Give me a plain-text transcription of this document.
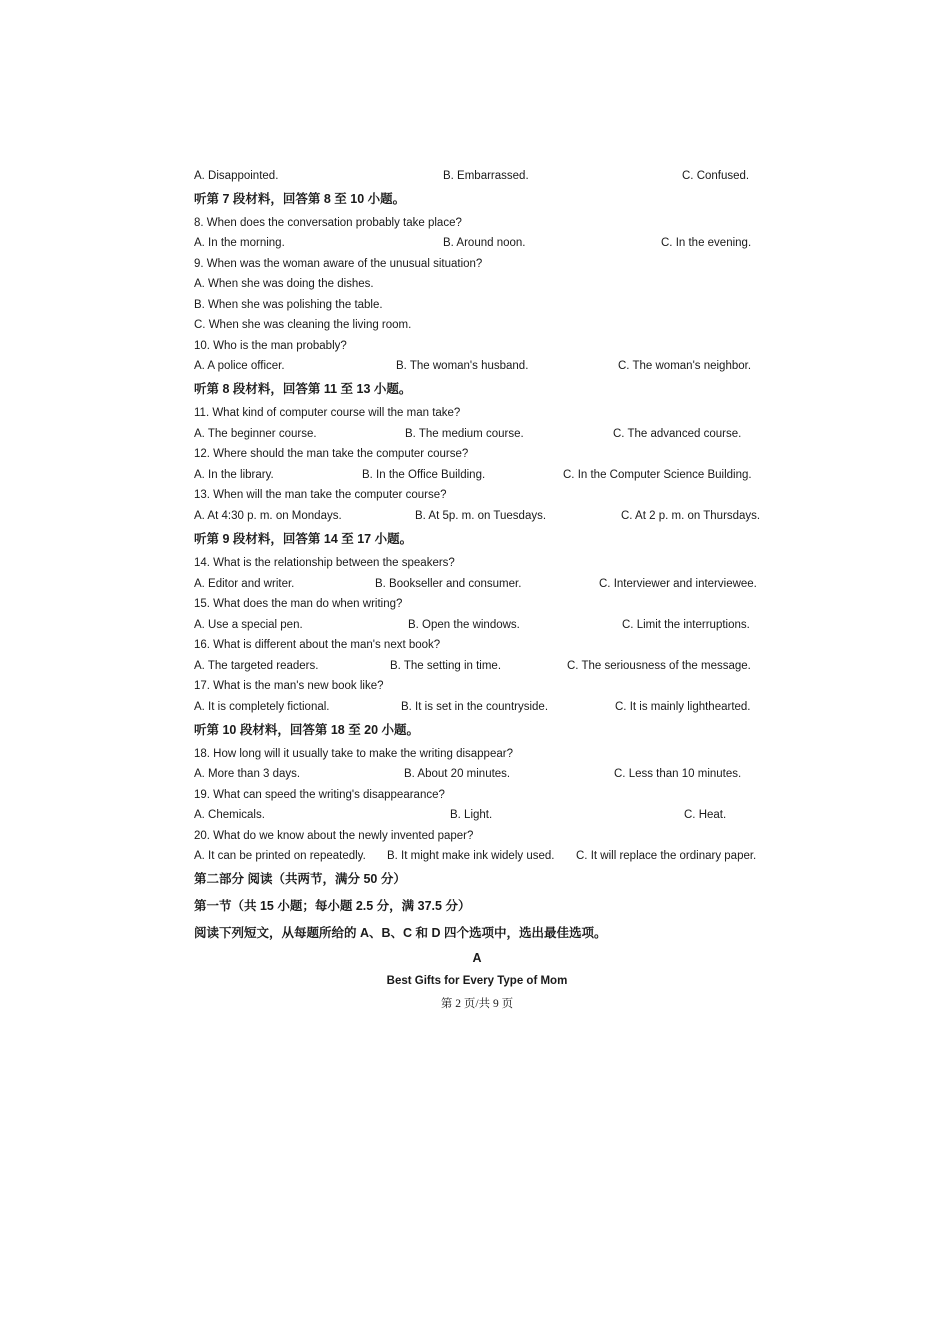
A. Disappointed.	B. Embarrassed.	C. Confused.
听第 7 段材料，回答第 8 至 10 小题。
8. When does the conversation probably take place?
A. In the morning.	B. Around noon.	C. In the evening.
9. When was the woman aware of the unusual situation?
A. When she was doing the dishes.
B. When she was polishing the table.
C. When she was cleaning the living room.
10. Who is the man probably?
A. A police officer.	B. The woman's husband.	C. The woman's neighbor.
听第 8 段材料，回答第 11 至 13 小题。
11. What kind of computer course will the man take?
A. The beginner course.	B. The medium course.	C. The advanced course.
12. Where should the man take the computer course?
A. In the library.	B. In the Office Building.	C. In the Computer Science Building.
13. When will the man take the computer course?
A. At 4:30 p. m. on Mondays.	B. At 5p. m. on Tuesdays.	C. At 2 p. m. on Thursdays.
听第 9 段材料，回答第 14 至 17 小题。
14. What is the relationship between the speakers?
A. Editor and writer.	B. Bookseller and consumer.	C. Interviewer and interviewee.
15. What does the man do when writing?
A. Use a special pen.	B. Open the windows.	C. Limit the interruptions.
16. What is different about the man's next book?
A. The targeted readers.	B. The setting in time.	C. The seriousness of the message.
17. What is the man's new book like?
A. It is completely fictional.	B. It is set in the countryside.	C. It is mainly lighthearted.
听第 10 段材料，回答第 18 至 20 小题。
18. How long will it usually take to make the writing disappear?
A. More than 3 days.	B. About 20 minutes.	C. Less than 10 minutes.
19. What can speed the writing's disappearance?
A. Chemicals.	B. Light.	C. Heat.
20. What do we know about the newly invented paper?
A. It can be printed on repeatedly. B. It might make ink widely used. C. It will replace the ordinary paper.
第二部分 阅读（共两节，满分 50 分）
第一节（共 15 小题；每小题 2.5 分，满 37.5 分）
阅读下列短文，从每题所给的 A、B、C 和 D 四个选项中，选出最佳选项。
A
Best Gifts for Every Type of Mom
第 2 页/共 9 页
